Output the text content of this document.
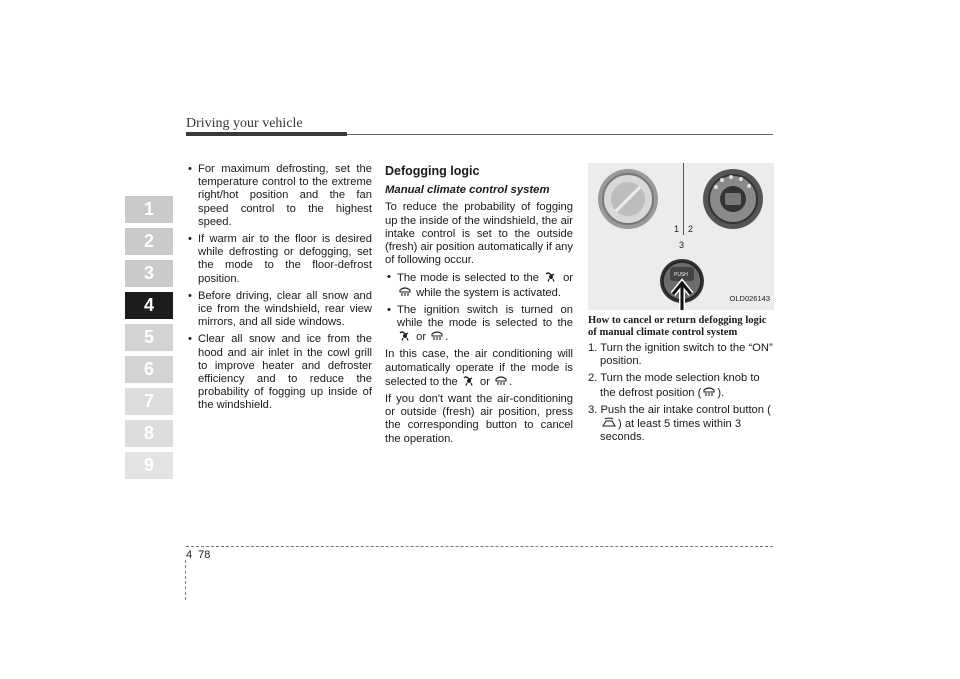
Driving your vehicle
1
2
3
4
5
6
7
8
9
• For maximum defrosting, set the temperature control to the extreme right/hot position and the fan speed control to the highest speed.
• If warm air to the floor is desired while defrosting or defogging, set the mode to the floor-defrost position.
• Before driving, clear all snow and ice from the windshield, rear view mirrors, and all side windows.
• Clear all snow and ice from the hood and air inlet in the cowl grill to improve heater and defroster efficiency and to reduce the probability of fogging up inside of the windshield.
Defogging logic
Manual climate control system

To reduce the probability of fogging up the inside of the windshield, the air intake control is set to the outside (fresh) air position automatically if any of following occur.

• The mode is selected to the or  while the system is activated.
• The ignition switch is turned on while the mode is selected to the  or .

In this case, the air conditioning will automatically operate if the mode is selected to the or .

If you don't want the air-conditioning or outside (fresh) air position, press the corresponding button to cancel the operation.

1 2
3
PUSH
OLD026143
How to cancel or return defogging logic of manual climate control system
1. Turn the ignition switch to the “ON” position.
2. Turn the mode selection knob to the defrost position ( ).
3. Push the air intake control button () at least 5 times within 3 seconds.
4 78
